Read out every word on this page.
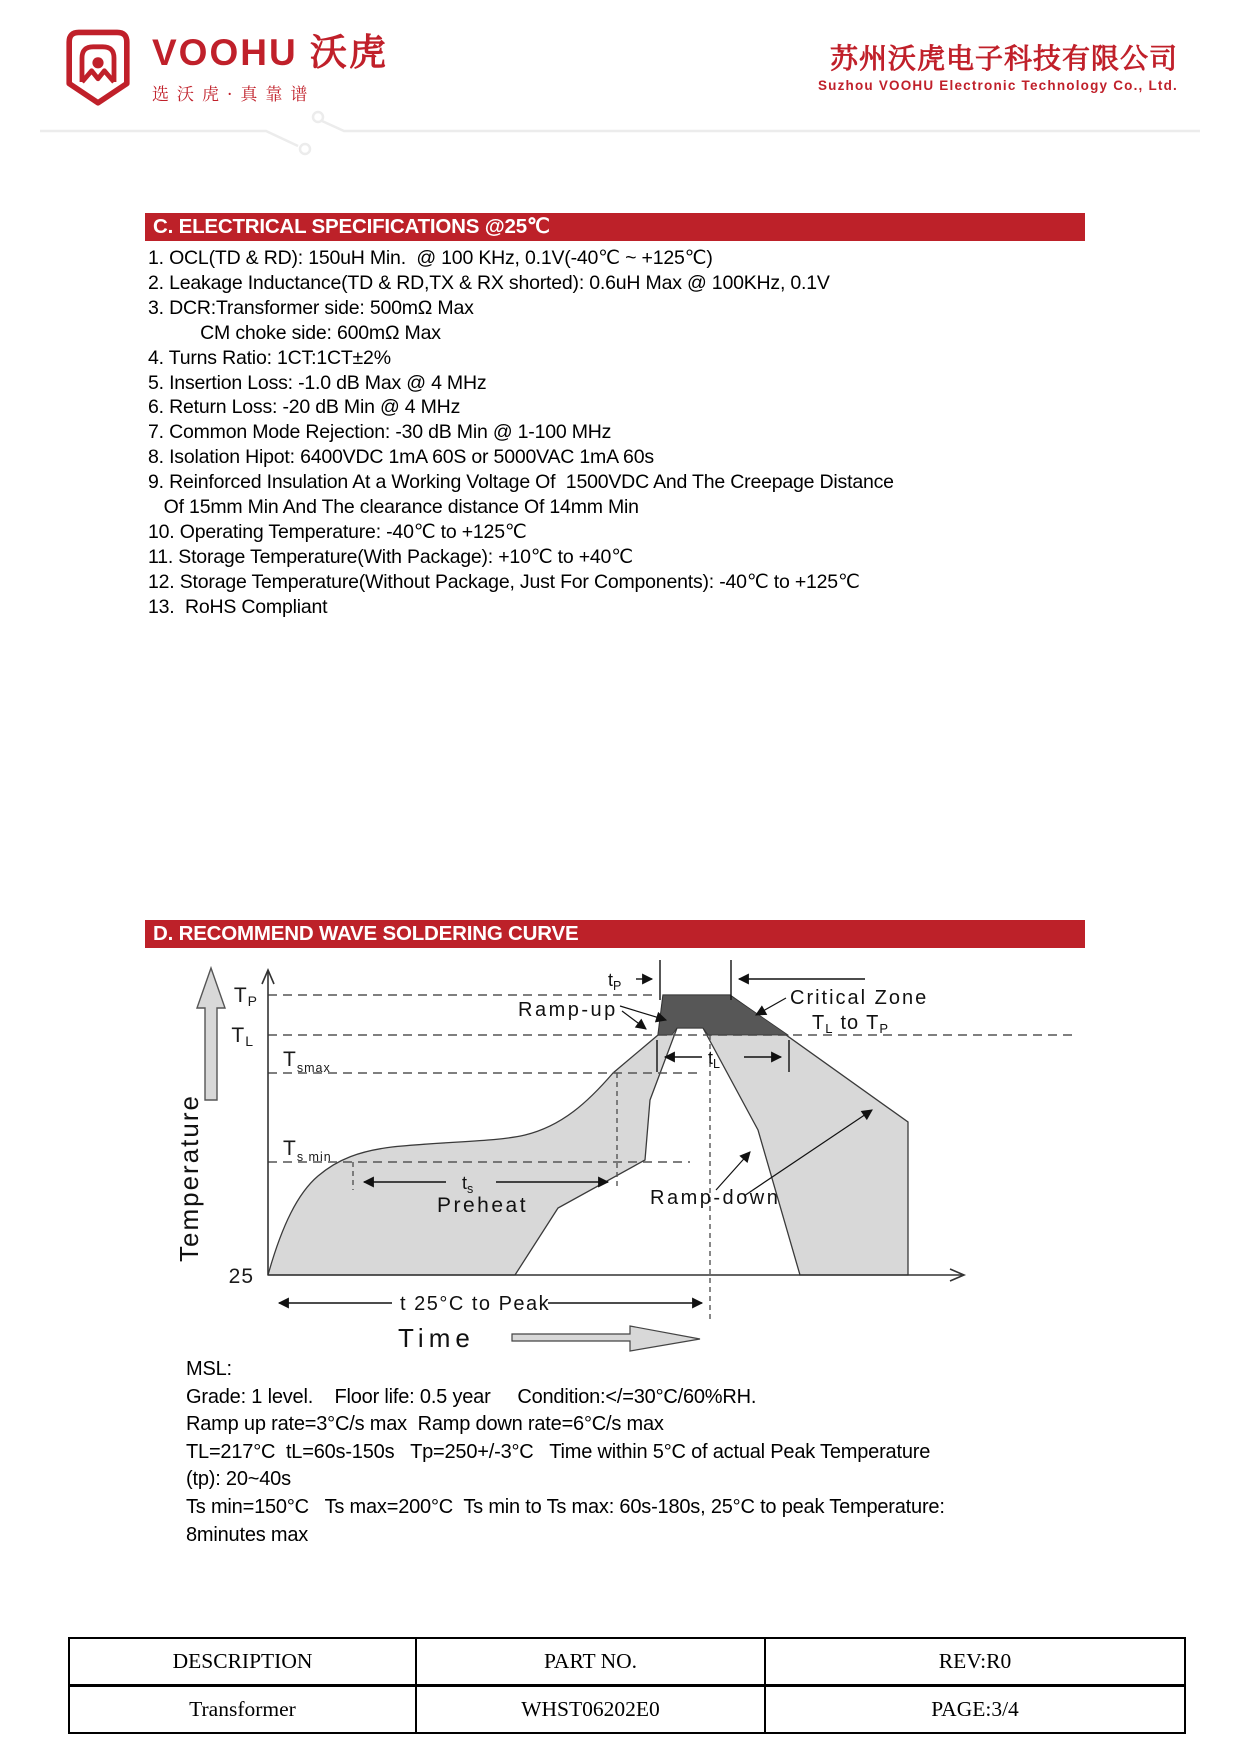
VOOHU 沃虎
选沃虎·真靠谱
苏州沃虎电子科技有限公司
Suzhou VOOHU Electronic Technology Co., Ltd.
C. ELECTRICAL SPECIFICATIONS @25℃
1. OCL(TD & RD): 150uH Min.  @ 100 KHz, 0.1V(-40℃ ~ +125℃)
2. Leakage Inductance(TD & RD,TX & RX shorted): 0.6uH Max @ 100KHz, 0.1V
3. DCR:Transformer side: 500mΩ Max
CM choke side: 600mΩ Max
4. Turns Ratio: 1CT:1CT±2%
5. Insertion Loss: -1.0 dB Max @ 4 MHz
6. Return Loss: -20 dB Min @ 4 MHz
7. Common Mode Rejection: -30 dB Min @ 1-100 MHz
8. Isolation Hipot: 6400VDC 1mA 60S or 5000VAC 1mA 60s
9. Reinforced Insulation At a Working Voltage Of  1500VDC And The Creepage Distance
Of 15mm Min And The clearance distance Of 14mm Min
10. Operating Temperature: -40℃ to +125℃
11. Storage Temperature(With Package): +10℃ to +40℃
12. Storage Temperature(Without Package, Just For Components): -40℃ to +125℃
13.  RoHS Compliant
D. RECOMMEND WAVE SOLDERING CURVE
TP
TL
$T_{smax}$
$T_{s min}$
25
Temperature
$t_P$
$t_L$
$t_s$
Ramp-up
Critical Zone
$T_L$ to $T_P$
Preheat	Ramp-down
t 25°C to Peak
Time
MSL:
Grade: 1 level.    Floor life: 0.5 year     Condition:</=30°C/60%RH.
Ramp up rate=3°C/s max  Ramp down rate=6°C/s max
TL=217°C  tL=60s-150s   Tp=250+/-3°C   Time within 5°C of actual Peak Temperature
(tp): 20~40s
Ts min=150°C   Ts max=200°C  Ts min to Ts max: 60s-180s, 25°C to peak Temperature:
8minutes max
DESCRIPTION	PART NO.	REV:R0
Transformer	WHST06202E0	PAGE:3/4
